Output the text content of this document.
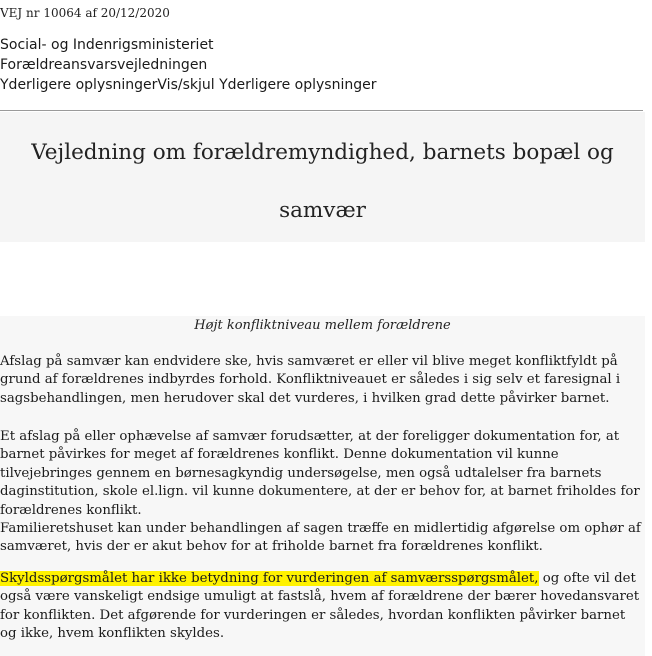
VEJ nr 10064 af 20/12/2020
Social- og Indenrigsministeriet
Forældreansvarsvejledningen
Yderligere oplysningerVis/skjul Yderligere oplysninger
Vejledning om forældremyndighed, barnets bopæl og samvær
Højt konfliktniveau mellem forældrene

Afslag på samvær kan endvidere ske, hvis samværet er eller vil blive meget konfliktfyldt på grund af forældrenes indbyrdes forhold. Konfliktniveauet er således i sig selv et faresignal i sagsbehandlingen, men herudover skal det vurderes, i hvilken grad dette påvirker barnet.

Et afslag på eller ophævelse af samvær forudsætter, at der foreligger dokumentation for, at barnet påvirkes for meget af forældrenes konflikt. Denne dokumentation vil kunne tilvejebringes gennem en børnesagkyndig undersøgelse, men også udtalelser fra barnets daginstitution, skole el.lign. vil kunne dokumentere, at der er behov for, at barnet friholdes for forældrenes konflikt.

Familieretshuset kan under behandlingen af sagen træffe en midlertidig afgørelse om ophør af samværet, hvis der er akut behov for at friholde barnet fra forældrenes konflikt.

Skyldsspørgsmålet har ikke betydning for vurderingen af samværsspørgsmålet, og ofte vil det også være vanskeligt endsige umuligt at fastslå, hvem af forældrene der bærer hovedansvaret for konflikten. Det afgørende for vurderingen er således, hvordan konflikten påvirker barnet og ikke, hvem konflikten skyldes.
